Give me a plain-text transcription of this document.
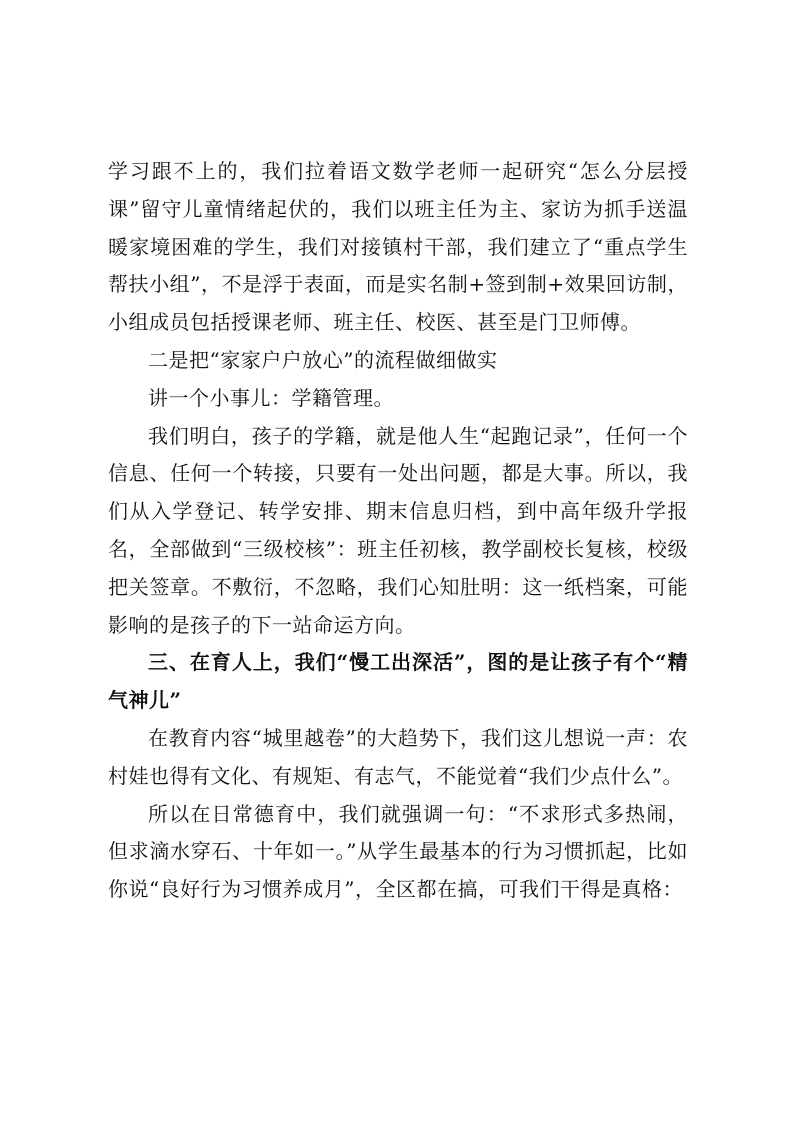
学习跟不上的，我们拉着语文数学老师一起研究“怎么分层授课”留守儿童情绪起伏的，我们以班主任为主、家访为抓手送温暖家境困难的学生，我们对接镇村干部，我们建立了“重点学生帮扶小组”，不是浮于表面，而是实名制+签到制+效果回访制，小组成员包括授课老师、班主任、校医、甚至是门卫师傅。

二是把“家家户户放心”的流程做细做实

讲一个小事儿：学籍管理。

我们明白，孩子的学籍，就是他人生“起跑记录”，任何一个信息、任何一个转接，只要有一处出问题，都是大事。所以，我们从入学登记、转学安排、期末信息归档，到中高年级升学报名，全部做到“三级校核”：班主任初核，教学副校长复核，校级把关签章。不敷衍，不忽略，我们心知肚明：这一纸档案，可能影响的是孩子的下一站命运方向。

三、在育人上，我们“慢工出深活”，图的是让孩子有个“精气神儿”

在教育内容“城里越卷”的大趋势下，我们这儿想说一声：农村娃也得有文化、有规矩、有志气，不能觉着“我们少点什么”。

所以在日常德育中，我们就强调一句：“不求形式多热闹，但求滴水穿石、十年如一。”从学生最基本的行为习惯抓起，比如你说“良好行为习惯养成月”，全区都在搞，可我们干得是真格：
